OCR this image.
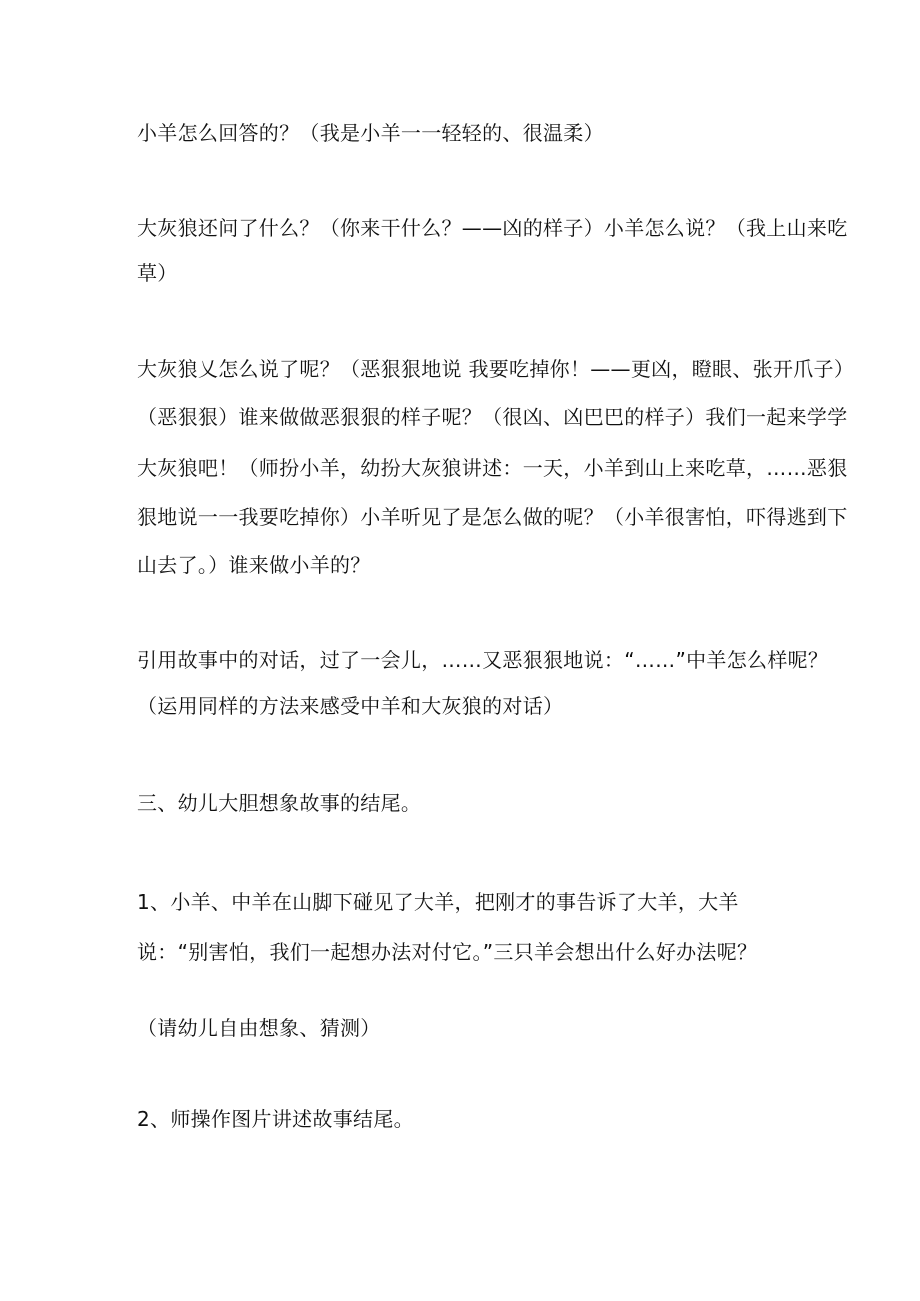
小羊怎么回答的？（我是小羊一一轻轻的、很温柔）
大灰狼还问了什么？（你来干什么？——凶的样子）小羊怎么说？（我上山来吃
草）
大灰狼乂怎么说了呢？（恶狠狠地说 我要吃掉你！——更凶，瞪眼、张开爪子）
（恶狠狠）谁来做做恶狠狠的样子呢？（很凶、凶巴巴的样子）我们一起来学学
大灰狼吧！（师扮小羊，幼扮大灰狼讲述：一天，小羊到山上来吃草，……恶狠
狠地说一一我要吃掉你）小羊听见了是怎么做的呢？（小羊很害怕，吓得逃到下
山去了。）谁来做小羊的？
引用故事中的对话，过了一会儿，……又恶狠狠地说：“……”中羊怎么样呢？
（运用同样的方法来感受中羊和大灰狼的对话）
三、幼儿大胆想象故事的结尾。
1、小羊、中羊在山脚下碰见了大羊，把刚才的事告诉了大羊，大羊
说：“别害怕，我们一起想办法对付它。”三只羊会想出什么好办法呢？
（请幼儿自由想象、猜测）
2、师操作图片讲述故事结尾。
